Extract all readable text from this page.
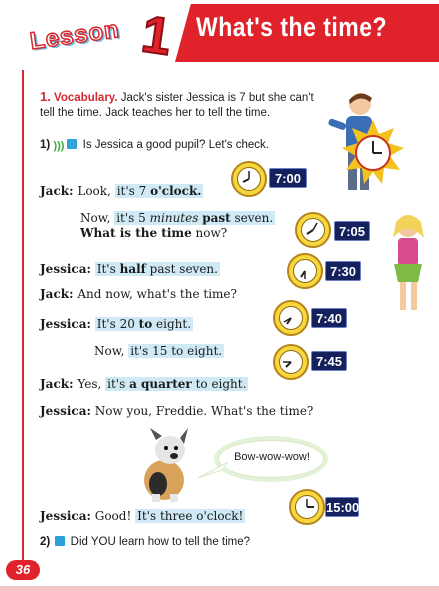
What's the time?
Lesson 1
1. Vocabulary. Jack's sister Jessica is 7 but she can't tell the time. Jack teaches her to tell the time.
1) ))) Is Jessica a good pupil? Let's check.
7:00
7:05
7:30
7:40
7:45
Jack: Look, it's 7 o'clock.
Now, it's 5 minutes past seven.
What is the time now?
Jessica: It's half past seven.
Jack: And now, what's the time?
Jessica: It's 20 to eight.
Now, it's 15 to eight.
Jack: Yes, it's a quarter to eight.
Jessica: Now you, Freddie. What's the time?
Bow-wow-wow!
15:00
Jessica: Good! It's three o'clock!
2) Did YOU learn how to tell the time?
36
